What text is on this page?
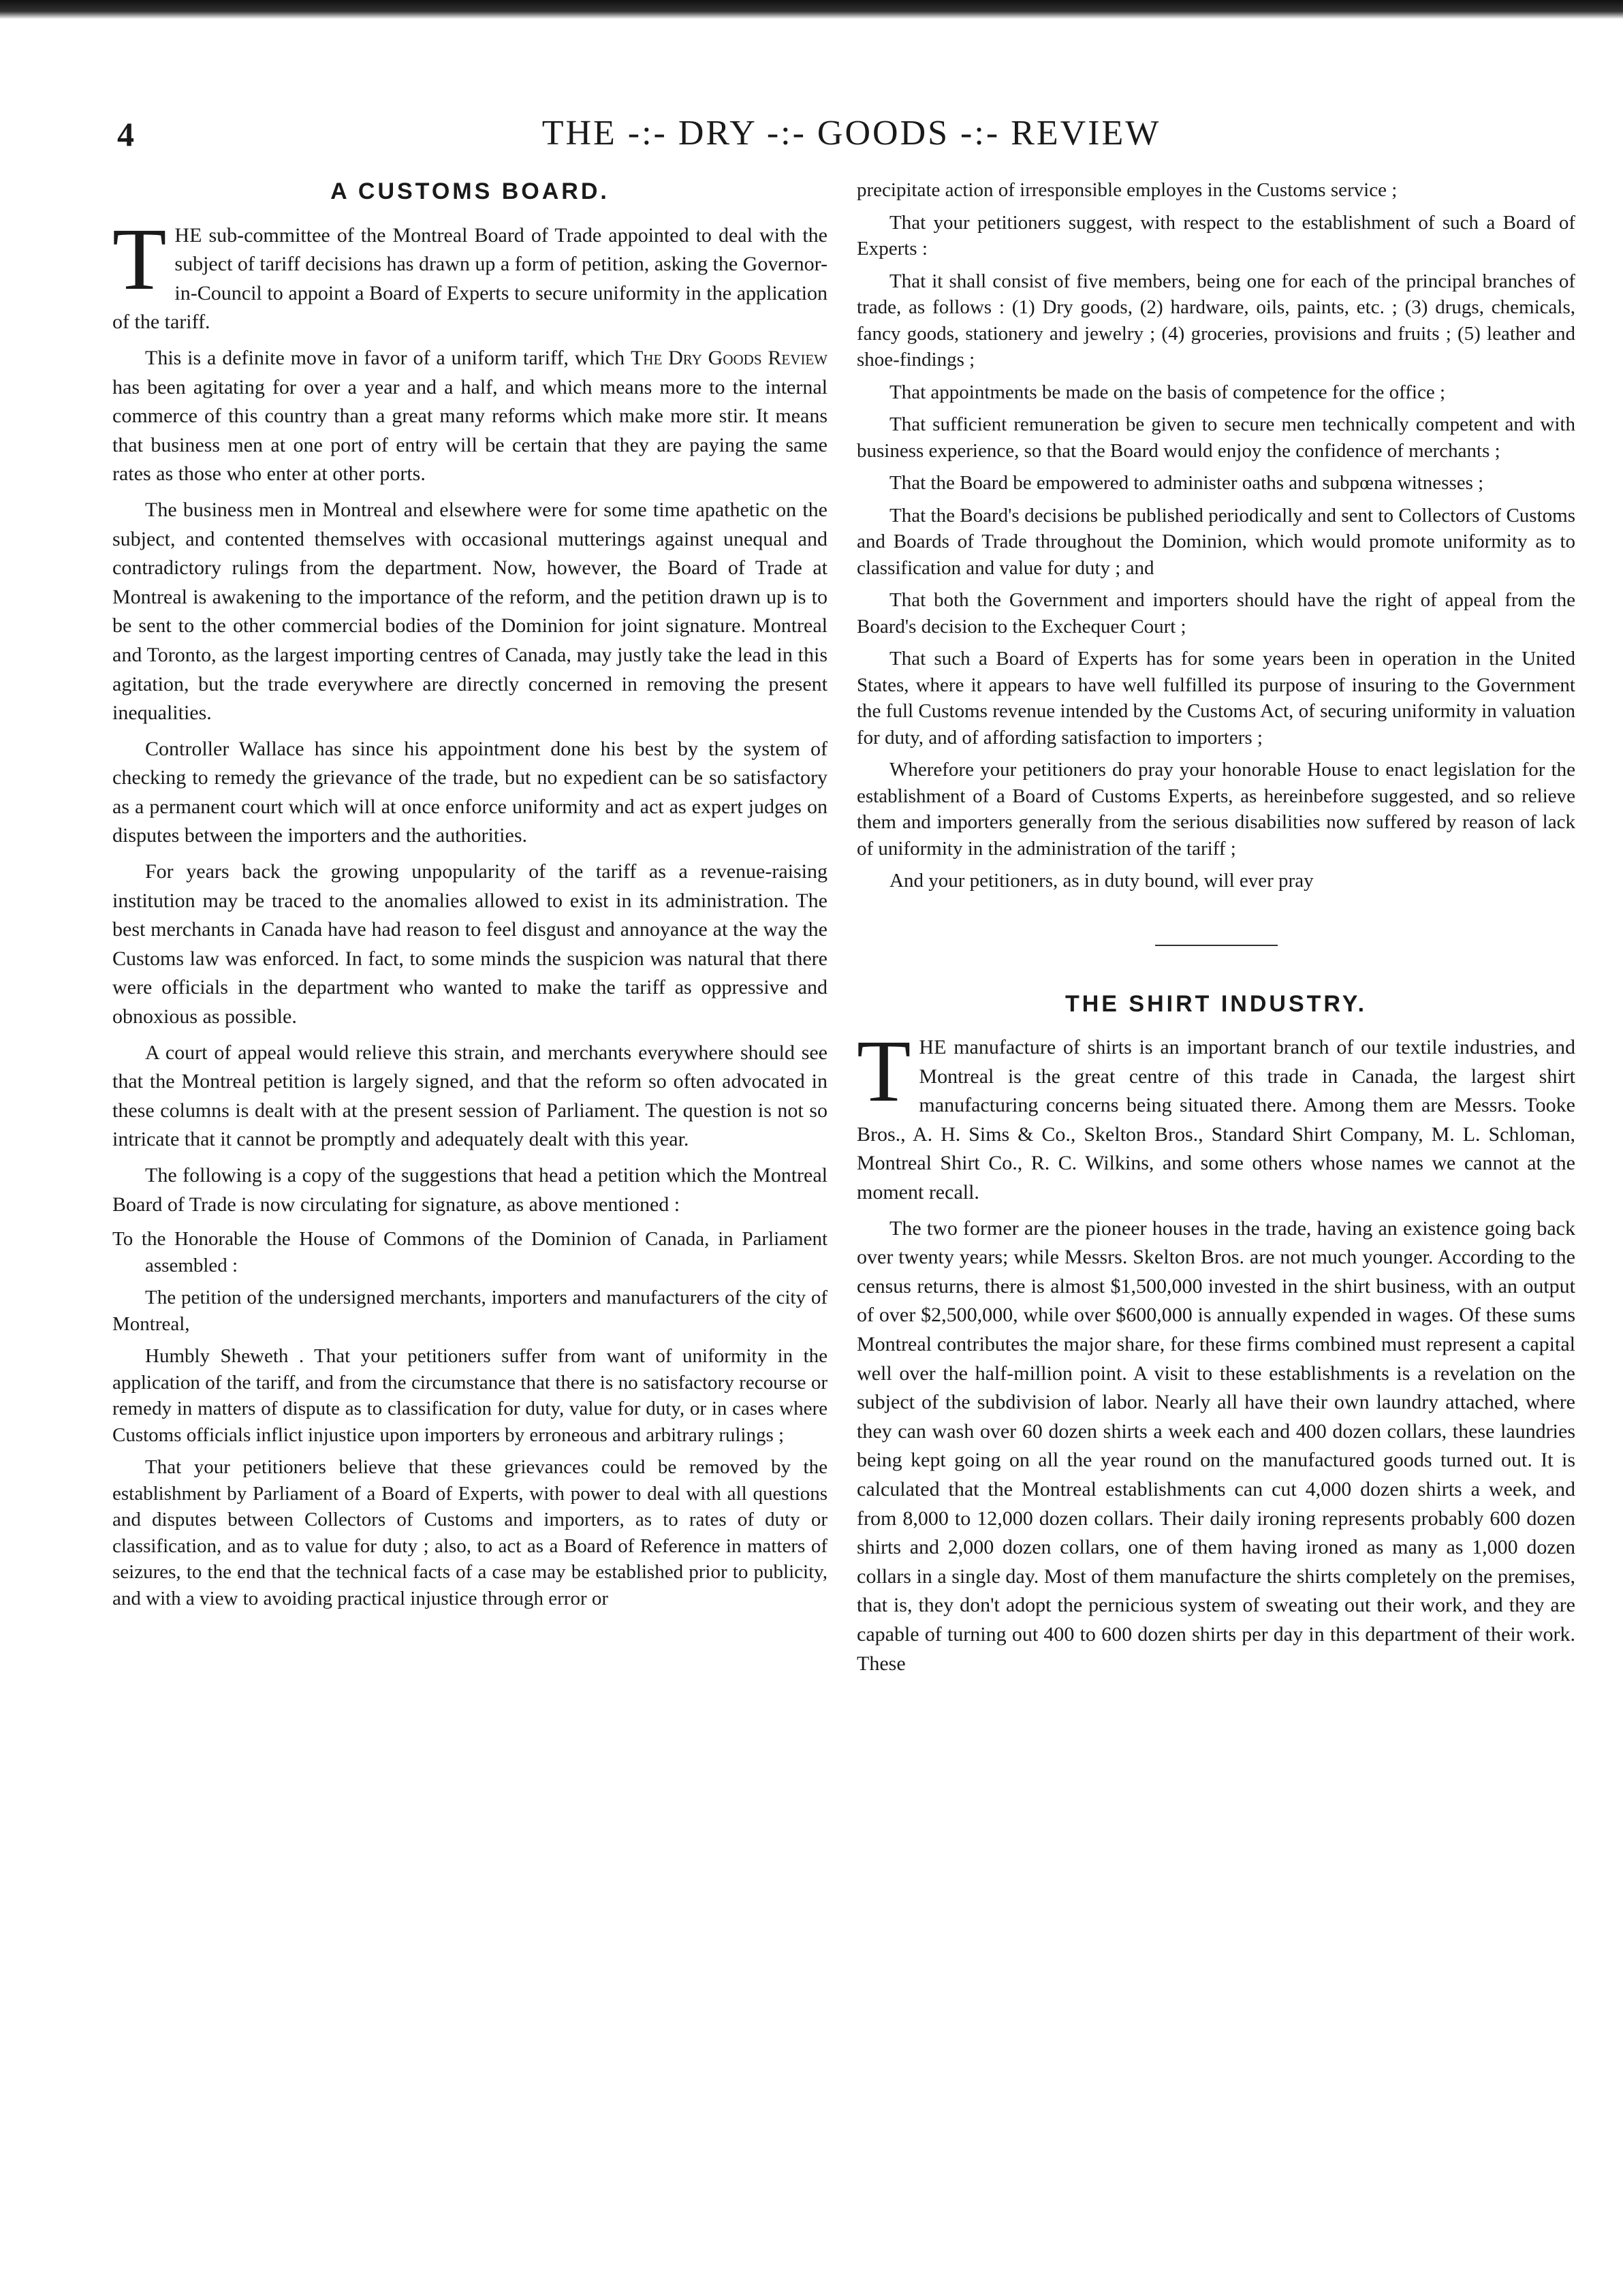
4	THE -:- DRY -:- GOODS -:- REVIEW
A CUSTOMS BOARD.

THE sub-committee of the Montreal Board of Trade appointed to deal with the subject of tariff decisions has drawn up a form of petition, asking the Governor-in-Council to appoint a Board of Experts to secure uniformity in the application of the tariff.

This is a definite move in favor of a uniform tariff, which The Dry Goods Review has been agitating for over a year and a half, and which means more to the internal commerce of this country than a great many reforms which make more stir. It means that business men at one port of entry will be certain that they are paying the same rates as those who enter at other ports.

The business men in Montreal and elsewhere were for some time apathetic on the subject, and contented themselves with occasional mutterings against unequal and contradictory rulings from the department. Now, however, the Board of Trade at Montreal is awakening to the importance of the reform, and the petition drawn up is to be sent to the other commercial bodies of the Dominion for joint signature. Montreal and Toronto, as the largest importing centres of Canada, may justly take the lead in this agitation, but the trade everywhere are directly concerned in removing the present inequalities.

Controller Wallace has since his appointment done his best by the system of checking to remedy the grievance of the trade, but no expedient can be so satisfactory as a permanent court which will at once enforce uniformity and act as expert judges on disputes between the importers and the authorities.

For years back the growing unpopularity of the tariff as a revenue-raising institution may be traced to the anomalies allowed to exist in its administration. The best merchants in Canada have had reason to feel disgust and annoyance at the way the Customs law was enforced. In fact, to some minds the suspicion was natural that there were officials in the department who wanted to make the tariff as oppressive and obnoxious as possible.

A court of appeal would relieve this strain, and merchants everywhere should see that the Montreal petition is largely signed, and that the reform so often advocated in these columns is dealt with at the present session of Parliament. The question is not so intricate that it cannot be promptly and adequately dealt with this year.

The following is a copy of the suggestions that head a petition which the Montreal Board of Trade is now circulating for signature, as above mentioned :

To the Honorable the House of Commons of the Dominion of Canada, in Parliament assembled :

The petition of the undersigned merchants, importers and manufacturers of the city of Montreal,

Humbly Sheweth . That your petitioners suffer from want of uniformity in the application of the tariff, and from the circumstance that there is no satisfactory recourse or remedy in matters of dispute as to classification for duty, value for duty, or in cases where Customs officials inflict injustice upon importers by erroneous and arbitrary rulings ;

That your petitioners believe that these grievances could be removed by the establishment by Parliament of a Board of Experts, with power to deal with all questions and disputes between Collectors of Customs and importers, as to rates of duty or classification, and as to value for duty ; also, to act as a Board of Reference in matters of seizures, to the end that the technical facts of a case may be established prior to publicity, and with a view to avoiding practical injustice through error or

precipitate action of irresponsible employes in the Customs service ;

That your petitioners suggest, with respect to the establishment of such a Board of Experts :

That it shall consist of five members, being one for each of the principal branches of trade, as follows : (1) Dry goods, (2) hardware, oils, paints, etc. ; (3) drugs, chemicals, fancy goods, stationery and jewelry ; (4) groceries, provisions and fruits ; (5) leather and shoe-findings ;

That appointments be made on the basis of competence for the office ;

That sufficient remuneration be given to secure men technically competent and with business experience, so that the Board would enjoy the confidence of merchants ;

That the Board be empowered to administer oaths and subpœna witnesses ;

That the Board's decisions be published periodically and sent to Collectors of Customs and Boards of Trade throughout the Dominion, which would promote uniformity as to classification and value for duty ; and

That both the Government and importers should have the right of appeal from the Board's decision to the Exchequer Court ;

That such a Board of Experts has for some years been in operation in the United States, where it appears to have well fulfilled its purpose of insuring to the Government the full Customs revenue intended by the Customs Act, of securing uniformity in valuation for duty, and of affording satisfaction to importers ;

Wherefore your petitioners do pray your honorable House to enact legislation for the establishment of a Board of Customs Experts, as hereinbefore suggested, and so relieve them and importers generally from the serious disabilities now suffered by reason of lack of uniformity in the administration of the tariff ;

And your petitioners, as in duty bound, will ever pray

THE SHIRT INDUSTRY.

THE manufacture of shirts is an important branch of our textile industries, and Montreal is the great centre of this trade in Canada, the largest shirt manufacturing concerns being situated there. Among them are Messrs. Tooke Bros., A. H. Sims & Co., Skelton Bros., Standard Shirt Company, M. L. Schloman, Montreal Shirt Co., R. C. Wilkins, and some others whose names we cannot at the moment recall.

The two former are the pioneer houses in the trade, having an existence going back over twenty years; while Messrs. Skelton Bros. are not much younger. According to the census returns, there is almost $1,500,000 invested in the shirt business, with an output of over $2,500,000, while over $600,000 is annually expended in wages. Of these sums Montreal contributes the major share, for these firms combined must represent a capital well over the half-million point. A visit to these establishments is a revelation on the subject of the subdivision of labor. Nearly all have their own laundry attached, where they can wash over 60 dozen shirts a week each and 400 dozen collars, these laundries being kept going on all the year round on the manufactured goods turned out. It is calculated that the Montreal establishments can cut 4,000 dozen shirts a week, and from 8,000 to 12,000 dozen collars. Their daily ironing represents probably 600 dozen shirts and 2,000 dozen collars, one of them having ironed as many as 1,000 dozen collars in a single day. Most of them manufacture the shirts completely on the premises, that is, they don't adopt the pernicious system of sweating out their work, and they are capable of turning out 400 to 600 dozen shirts per day in this department of their work. These
